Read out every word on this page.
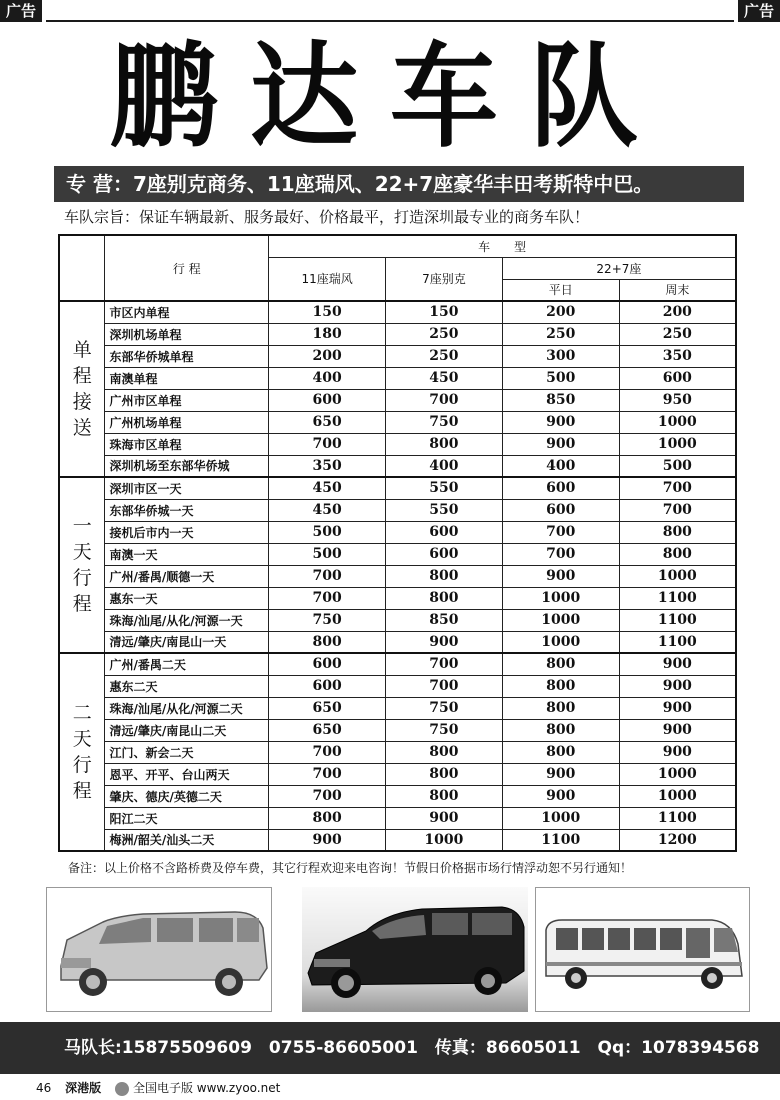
广告	广告
鹏达车队
专 营：7座别克商务、11座瑞风、22+7座豪华丰田考斯特中巴。
车队宗旨：保证车辆最新、服务最好、价格最平，打造深圳最专业的商务车队！
	行 程	车　　型			
		11座瑞风	7座别克	22+7座	
				平日	周末
单程接送	市区内单程	150	150	200	200
	深圳机场单程	180	250	250	250
	东部华侨城单程	200	250	300	350
	南澳单程	400	450	500	600
	广州市区单程	600	700	850	950
	广州机场单程	650	750	900	1000
	珠海市区单程	700	800	900	1000
	深圳机场至东部华侨城	350	400	400	500
一天行程	深圳市区一天	450	550	600	700
	东部华侨城一天	450	550	600	700
	接机后市内一天	500	600	700	800
	南澳一天	500	600	700	800
	广州/番禺/顺德一天	700	800	900	1000
	惠东一天	700	800	1000	1100
	珠海/汕尾/从化/河源一天	750	850	1000	1100
	清远/肇庆/南昆山一天	800	900	1000	1100
二天行程	广州/番禺二天	600	700	800	900
	惠东二天	600	700	800	900
	珠海/汕尾/从化/河源二天	650	750	800	900
	清远/肇庆/南昆山二天	650	750	800	900
	江门、新会二天	700	800	800	900
	恩平、开平、台山两天	700	800	900	1000
	肇庆、德庆/英德二天	700	800	900	1000
	阳江二天	800	900	1000	1100
	梅洲/韶关/汕头二天	900	1000	1100	1200
备注：以上价格不含路桥费及停车费，其它行程欢迎来电咨询！节假日价格据市场行情浮动恕不另行通知！
马队长:15875509609　0755-86605001　传真：86605011　Qq：1078394568
46 深港版	全国电子版 www.zyoo.net
